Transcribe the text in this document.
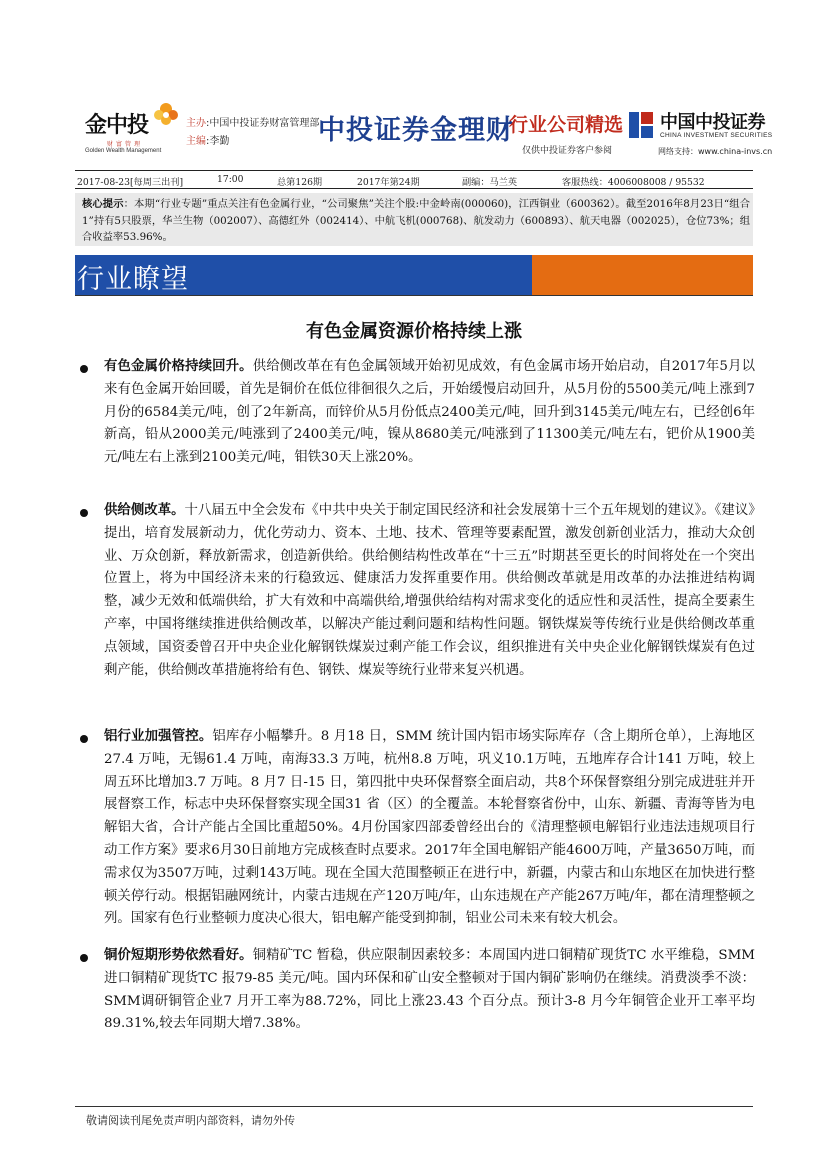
金中投
财富管理
Golden Wealth Management
主办:中国中投证券财富管理部
主编:李勤	中投证券金理财
行业公司精选
仅供中投证券客户参阅
中国中投证券
CHINA INVESTMENT SECURITIES
网络支持：www.china-invs.cn
2017-08-23[每周三出刊]	17:00	总第126期	2017年第24期	副编：马兰英	客服热线：4006008008 / 95532
核心提示：本期“行业专题”重点关注有色金属行业，“公司聚焦”关注个股:中金岭南(000060)，江西铜业（600362）。截至2016年8月23日“组合1”持有5只股票，华兰生物（002007）、高德红外（002414）、中航飞机(000768)、航发动力（600893）、航天电器（002025），仓位73%；组合收益率53.96%。
行业瞭望
有色金属资源价格持续上涨
有色金属价格持续回升。供给侧改革在有色金属领域开始初见成效，有色金属市场开始启动，自2017年5月以来有色金属开始回暖，首先是铜价在低位徘徊很久之后，开始缓慢启动回升，从5月份的5500美元/吨上涨到7月份的6584美元/吨，创了2年新高，而锌价从5月份低点2400美元/吨，回升到3145美元/吨左右，已经创6年新高，铅从2000美元/吨涨到了2400美元/吨，镍从8680美元/吨涨到了11300美元/吨左右，钯价从1900美元/吨左右上涨到2100美元/吨，钼铁30天上涨20%。
供给侧改革。十八届五中全会发布《中共中央关于制定国民经济和社会发展第十三个五年规划的建议》。《建议》提出，培育发展新动力，优化劳动力、资本、土地、技术、管理等要素配置，激发创新创业活力，推动大众创业、万众创新，释放新需求，创造新供给。供给侧结构性改革在“十三五”时期甚至更长的时间将处在一个突出位置上，将为中国经济未来的行稳致远、健康活力发挥重要作用。供给侧改革就是用改革的办法推进结构调整，减少无效和低端供给，扩大有效和中高端供给,增强供给结构对需求变化的适应性和灵活性，提高全要素生产率，中国将继续推进供给侧改革，以解决产能过剩问题和结构性问题。钢铁煤炭等传统行业是供给侧改革重点领域，国资委曾召开中央企业化解钢铁煤炭过剩产能工作会议，组织推进有关中央企业化解钢铁煤炭有色过剩产能，供给侧改革措施将给有色、钢铁、煤炭等统行业带来复兴机遇。
铝行业加强管控。铝库存小幅攀升。8 月18 日，SMM 统计国内铝市场实际库存（含上期所仓单），上海地区27.4 万吨，无锡61.4 万吨，南海33.3 万吨，杭州8.8 万吨，巩义10.1万吨，五地库存合计141 万吨，较上周五环比增加3.7 万吨。8 月7 日-15 日，第四批中央环保督察全面启动，共8个环保督察组分别完成进驻并开展督察工作，标志中央环保督察实现全国31 省（区）的全覆盖。本轮督察省份中，山东、新疆、青海等皆为电解铝大省，合计产能占全国比重超50%。4月份国家四部委曾经出台的《清理整顿电解铝行业违法违规项目行动工作方案》要求6月30日前地方完成核查时点要求。2017年全国电解铝产能4600万吨，产量3650万吨，而需求仅为3507万吨，过剩143万吨。现在全国大范围整顿正在进行中，新疆，内蒙古和山东地区在加快进行整顿关停行动。根据铝融网统计，内蒙古违规在产120万吨/年，山东违规在产产能267万吨/年，都在清理整顿之列。国家有色行业整顿力度决心很大，铝电解产能受到抑制，铝业公司未来有较大机会。
铜价短期形势依然看好。铜精矿TC 暂稳，供应限制因素较多：本周国内进口铜精矿现货TC 水平维稳，SMM进口铜精矿现货TC 报79-85 美元/吨。国内环保和矿山安全整顿对于国内铜矿影响仍在继续。消费淡季不淡：SMM调研铜管企业7 月开工率为88.72%，同比上涨23.43 个百分点。预计3-8 月今年铜管企业开工率平均89.31%,较去年同期大增7.38%。
敬请阅读刊尾免责声明内部资料，请勿外传
